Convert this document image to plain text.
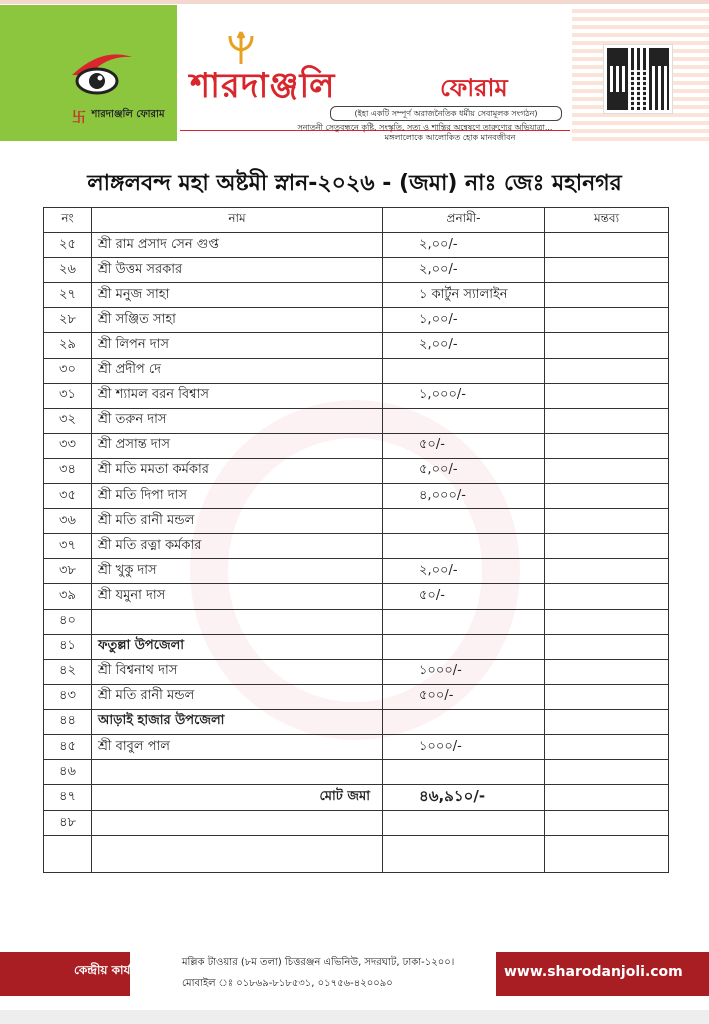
卐 শারদাঞ্জলি ফোরাম
শারদাঞ্জলি	ফোরাম
(ইহা একটি সম্পূর্ণ অরাজনৈতিক ধর্মীয় সেবামূলক সংগঠন)
সনাতনী সেতুবন্ধনে কৃষ্টি, সংস্কৃতি, সত্য ও শান্তির অন্বেষণে তারুণ্যের অভিযাত্রা...
মঙ্গলালোকে আলোকিত হোক মানবজীবন
লাঙ্গলবন্দ মহা অষ্টমী স্নান-২০২৬ - (জমা) নাঃ জেঃ মহানগর
নং	নাম	প্রনামী-	মন্তব্য
২৫	শ্রী রাম প্রসাদ সেন গুপ্ত	২,০০/-	
২৬	শ্রী উত্তম সরকার	২,০০/-	
২৭	শ্রী মনুজ সাহা	১ কার্টুন স্যালাইন	
২৮	শ্রী সঞ্জিত সাহা	১,০০/-	
২৯	শ্রী লিপন দাস	২,০০/-	
৩০	শ্রী প্রদীপ দে		
৩১	শ্রী শ্যামল বরন বিশ্বাস	১,০০০/-	
৩২	শ্রী তরুন দাস		
৩৩	শ্রী প্রসান্ত দাস	৫০/-	
৩৪	শ্রী মতি মমতা কর্মকার	৫,০০/-	
৩৫	শ্রী মতি দিপা দাস	৪,০০০/-	
৩৬	শ্রী মতি রানী মন্ডল		
৩৭	শ্রী মতি রত্না কর্মকার		
৩৮	শ্রী খুকু দাস	২,০০/-	
৩৯	শ্রী যমুনা দাস	৫০/-	
৪০			
৪১	ফতুল্লা উপজেলা		
৪২	শ্রী বিশ্বনাথ দাস	১০০০/-	
৪৩	শ্রী মতি রানী মন্ডল	৫০০/-	
৪৪	আড়াই হাজার উপজেলা		
৪৫	শ্রী বাবুল পাল	১০০০/-	
৪৬			
৪৭	মোট জমা	৪৬,৯১০/-	
৪৮			

কেন্দ্রীয় কার্যালয় ঃ
মল্লিক টাওয়ার (৮ম তলা) চিত্তরঞ্জন এভিনিউ, সদরঘাট, ঢাকা-১২০০।
মোবাইল ঃ ০১৮৬৯-৮১৮৫৩১, ০১৭৫৬-৪২০০৯০
www.sharodanjoli.com
